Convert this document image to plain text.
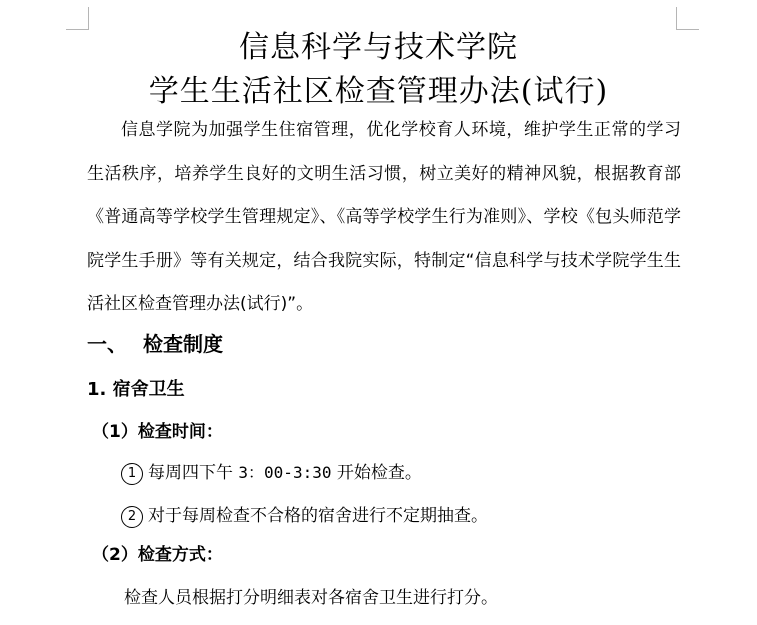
信息科学与技术学院
学生生活社区检查管理办法(试行)

信息学院为加强学生住宿管理，优化学校育人环境，维护学生正常的学习生活秩序，培养学生良好的文明生活习惯，树立美好的精神风貌，根据教育部《普通高等学校学生管理规定》、《高等学校学生行为准则》、学校《包头师范学院学生手册》等有关规定，结合我院实际，特制定“信息科学与技术学院学生生活社区检查管理办法(试行)”。

一、 检查制度
1. 宿舍卫生
（1）检查时间：
1 每周四下午 3：00-3:30 开始检查。
2 对于每周检查不合格的宿舍进行不定期抽查。
（2）检查方式：
检查人员根据打分明细表对各宿舍卫生进行打分。
